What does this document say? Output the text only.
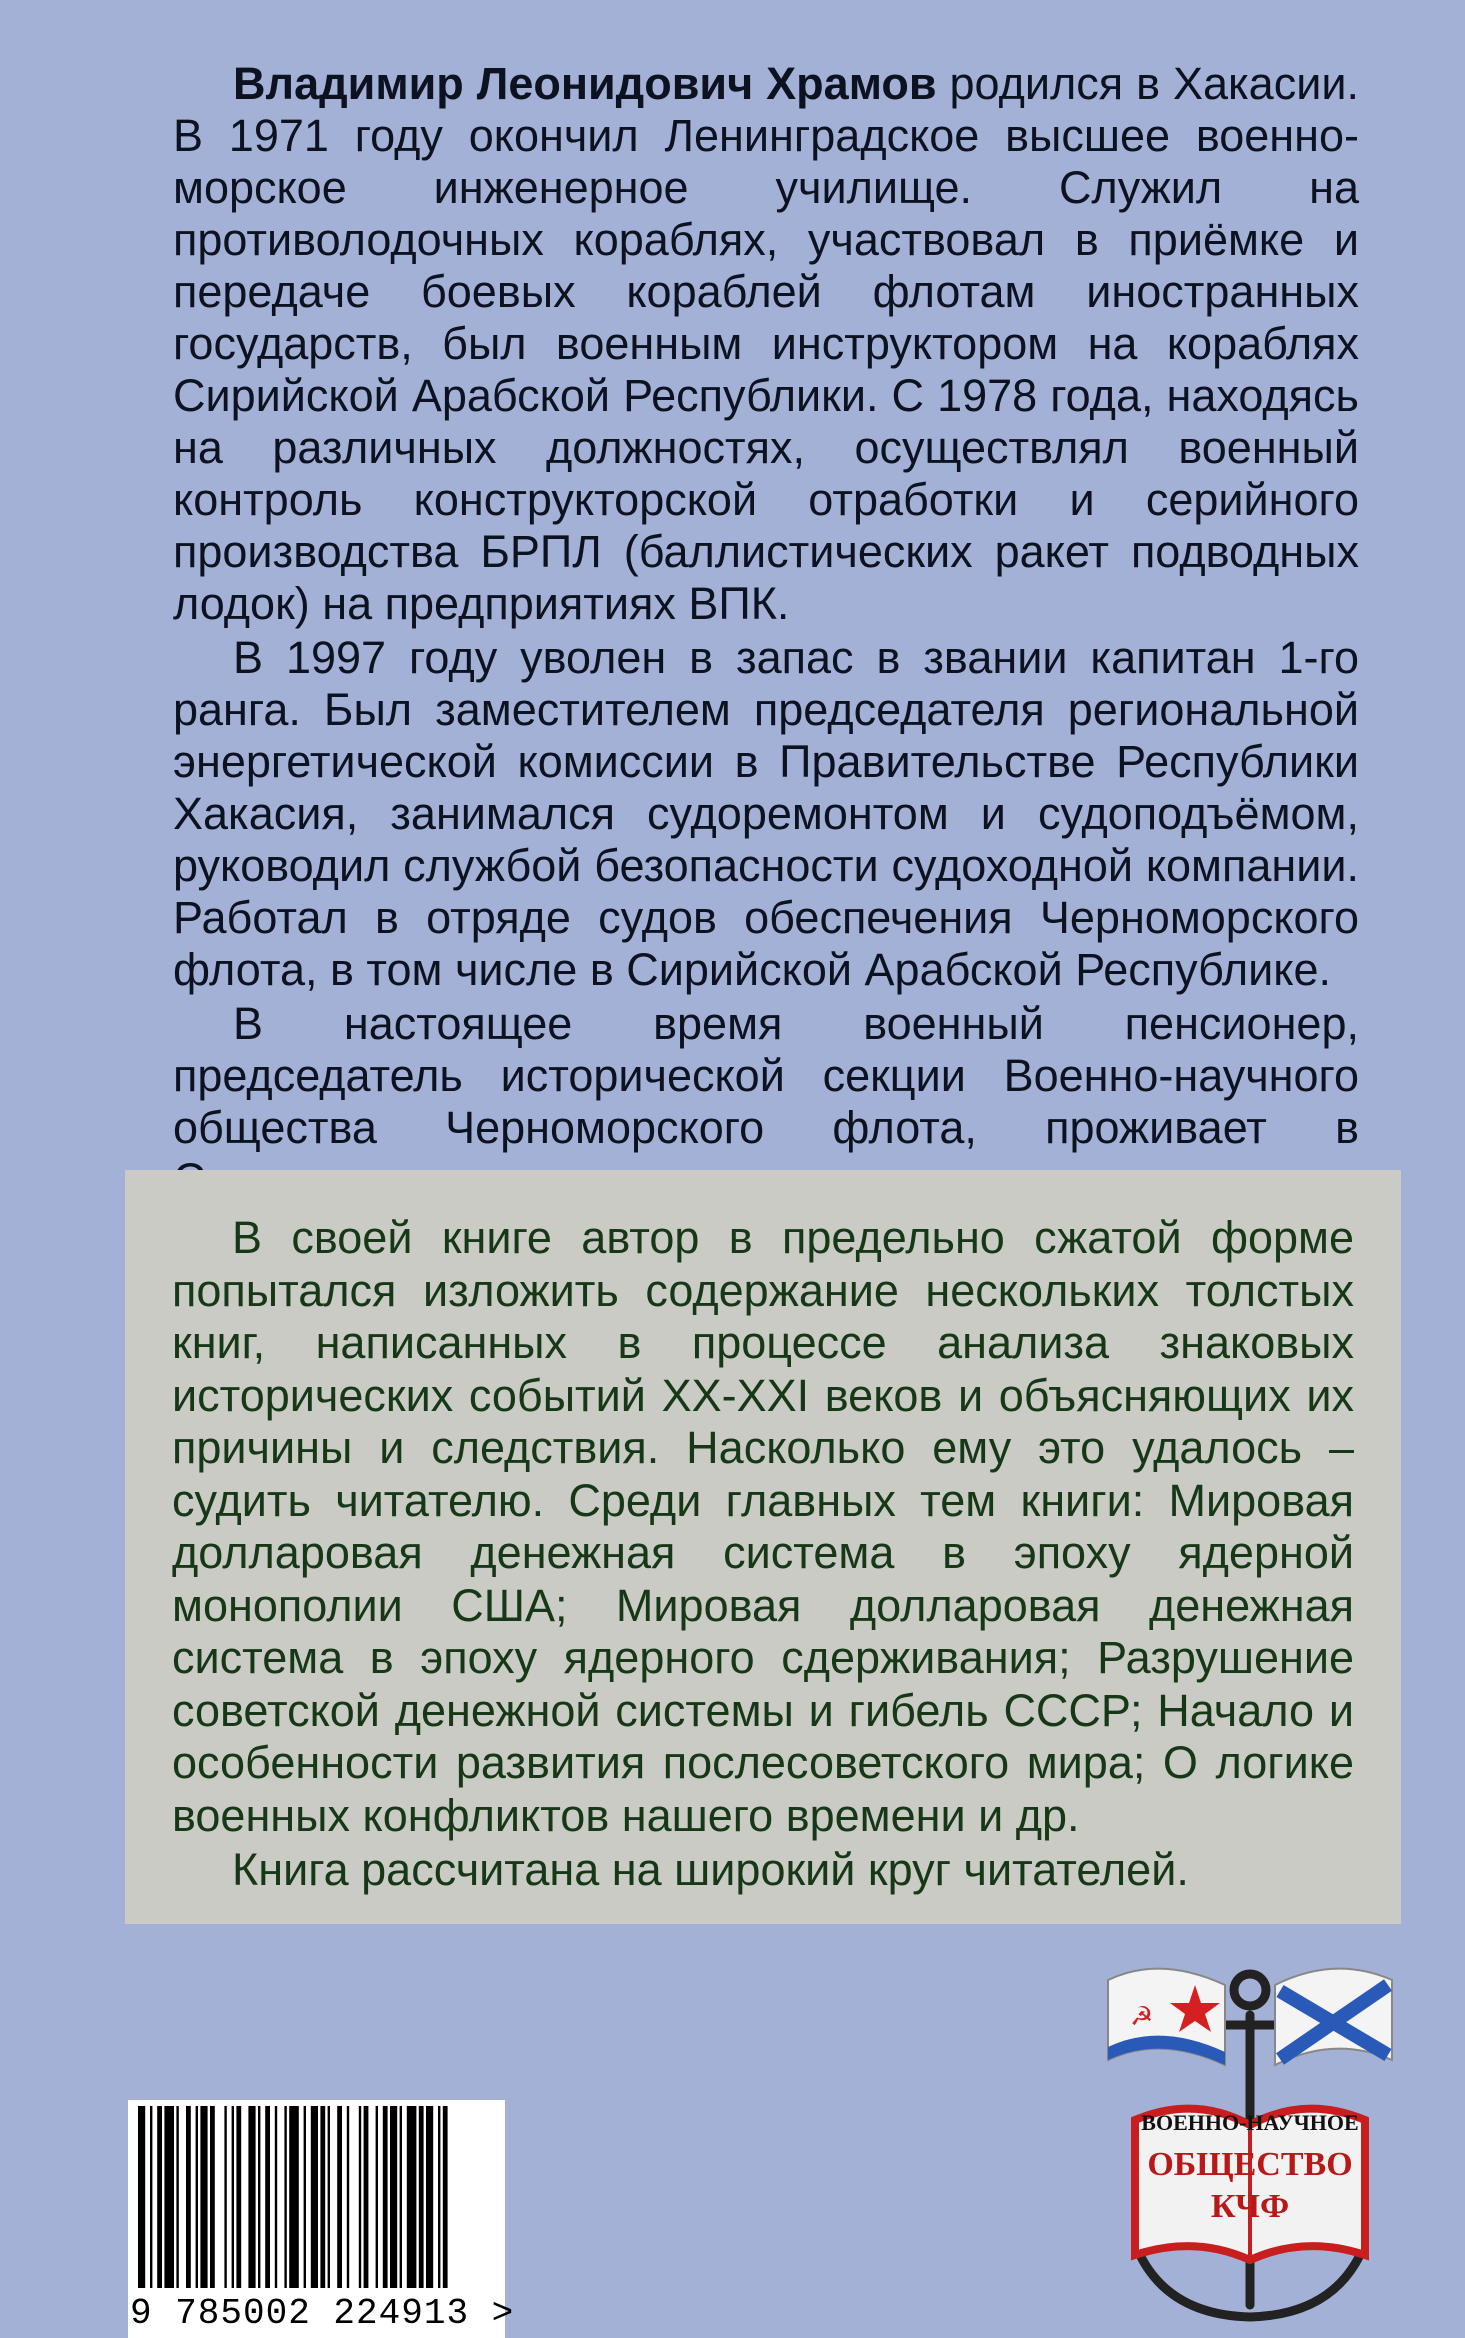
Владимир Леонидович Храмов родился в Хакасии. В 1971 году окончил Ленинградское высшее военно-морское инженерное училище. Служил на противолодочных кораблях, участвовал в приёмке и передаче боевых кораблей флотам иностранных государств, был военным инструктором на кораблях Сирийской Арабской Республики. С 1978 года, находясь на различных должностях, осуществлял военный контроль конструкторской отработки и серийного производства БРПЛ (баллистических ракет подводных лодок) на предприятиях ВПК.

В 1997 году уволен в запас в звании капитан 1-го ранга. Был заместителем председателя региональной энергетической комиссии в Правительстве Республики Хакасия, занимался судоремонтом и судоподъёмом, руководил службой безопасности судоходной компании. Работал в отряде судов обеспечения Черноморского флота, в том числе в Сирийской Арабской Республике.

В настоящее время военный пенсионер, председатель исторической секции Военно-научного общества Черноморского флота, проживает в

В своей книге автор в предельно сжатой форме попытался изложить содержание нескольких толстых книг, написанных в процессе анализа знаковых исторических событий ХХ-ХXI веков и объясняющих их причины и следствия. Насколько ему это удалось – судить читателю. Среди главных тем книги: Мировая долларовая денежная система в эпоху ядерной монополии США; Мировая долларовая денежная система в эпоху ядерного сдерживания; Разрушение советской денежной системы и гибель СССР; Начало и особенности развития послесоветского мира; О логике военных конфликтов нашего времени и др.

Книга рассчитана на широкий круг читателей.

9 785002 224913 >
☭
ВОЕННО-НАУЧНОЕ
ОБЩЕСТВО
КЧФ
